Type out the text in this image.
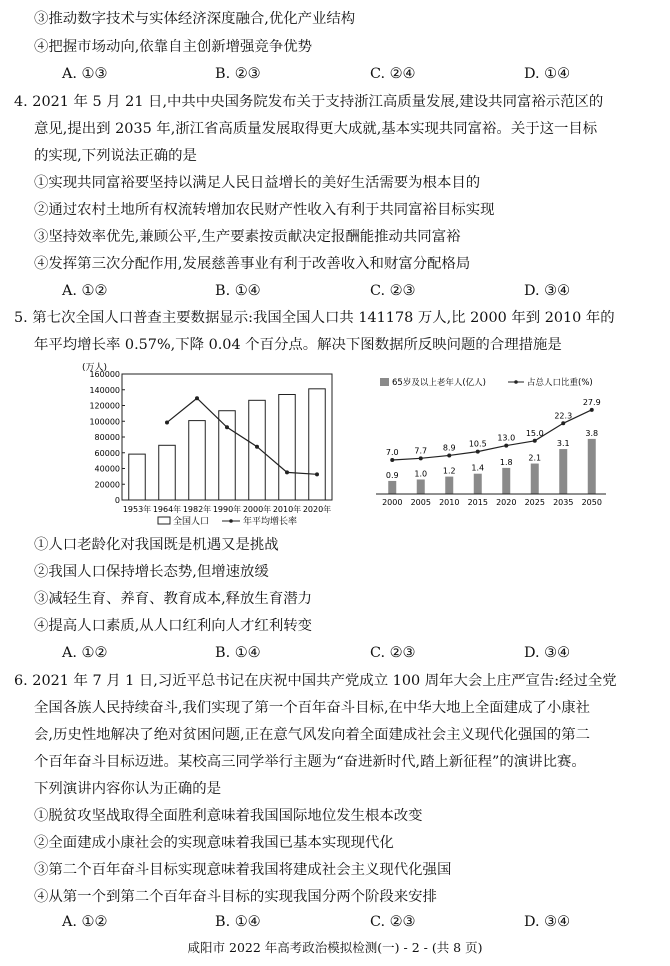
③推动数字技术与实体经济深度融合,优化产业结构
④把握市场动向,依靠自主创新增强竞争优势
A. ①③	B. ②③	C. ②④	D. ①④
4. 2021 年 5 月 21 日,中共中央国务院发布关于支持浙江高质量发展,建设共同富裕示范区的
意见,提出到 2035 年,浙江省高质量发展取得更大成就,基本实现共同富裕。关于这一目标
的实现,下列说法正确的是
①实现共同富裕要坚持以满足人民日益增长的美好生活需要为根本目的
②通过农村土地所有权流转增加农民财产性收入有利于共同富裕目标实现
③坚持效率优先,兼顾公平,生产要素按贡献决定报酬能推动共同富裕
④发挥第三次分配作用,发展慈善事业有利于改善收入和财富分配格局
A. ①②	B. ①④	C. ②③	D. ③④
5. 第七次全国人口普查主要数据显示:我国全国人口共 141178 万人,比 2000 年到 2010 年的
年平均增长率 0.57%,下降 0.04 个百分点。解决下图数据所反映问题的合理措施是
(万人)
0
20000
40000
60000
80000
100000
120000
140000
160000
1953年 1964年 1982年 1990年 2000年 2010年 2020年
全国人口	年平均增长率
65岁及以上老年人(亿人)	占总人口比重(%)
0.9 1.0 1.2 1.4
1.8 2.1
3.1
3.8
7.0 7.7 8.9 10.5
13.0
15.0
22.3
27.9
2000 2005 2010 2015 2020 2025 2035 2050
①人口老龄化对我国既是机遇又是挑战
②我国人口保持增长态势,但增速放缓
③减轻生育、养育、教育成本,释放生育潜力
④提高人口素质,从人口红利向人才红利转变
A. ①②	B. ①④	C. ②③	D. ③④
6. 2021 年 7 月 1 日,习近平总书记在庆祝中国共产党成立 100 周年大会上庄严宣告:经过全党
全国各族人民持续奋斗,我们实现了第一个百年奋斗目标,在中华大地上全面建成了小康社
会,历史性地解决了绝对贫困问题,正在意气风发向着全面建成社会主义现代化强国的第二
个百年奋斗目标迈进。某校高三同学举行主题为“奋进新时代,踏上新征程”的演讲比赛。
下列演讲内容你认为正确的是
①脱贫攻坚战取得全面胜利意味着我国国际地位发生根本改变
②全面建成小康社会的实现意味着我国已基本实现现代化
③第二个百年奋斗目标实现意味着我国将建成社会主义现代化强国
④从第一个到第二个百年奋斗目标的实现我国分两个阶段来安排
A. ①②	B. ①④	C. ②③	D. ③④
咸阳市 2022 年高考政治模拟检测(一) - 2 - (共 8 页)
